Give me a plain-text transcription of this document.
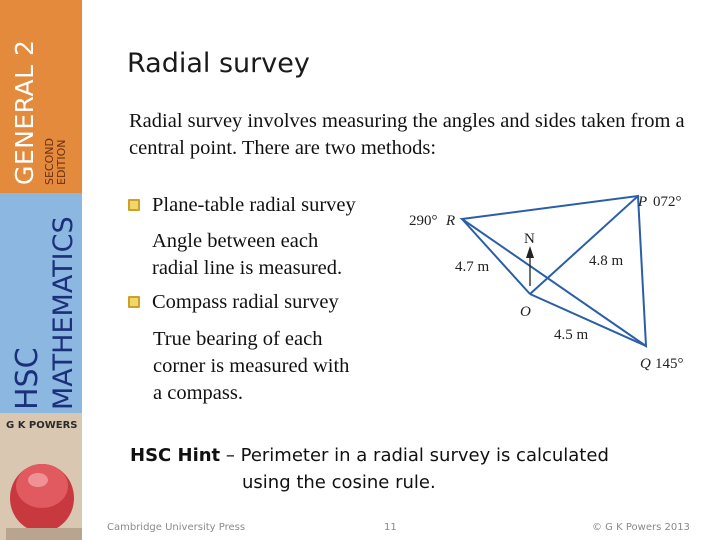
GENERAL 2 SECOND EDITION
HSC MATHEMATICS
G K POWERS
Radial survey
Radial survey involves measuring the angles and sides taken from a central point. There are two methods:
Plane-table radial survey
Angle between each
radial line is measured.
Compass radial survey
True bearing of each
corner is measured with
a compass.
N
O
P 072°
290° R
Q 145°
4.7 m	4.8 m
4.5 m
HSC Hint – Perimeter in a radial survey is calculated
using the cosine rule.
Cambridge University Press	11	© G K Powers 2013
